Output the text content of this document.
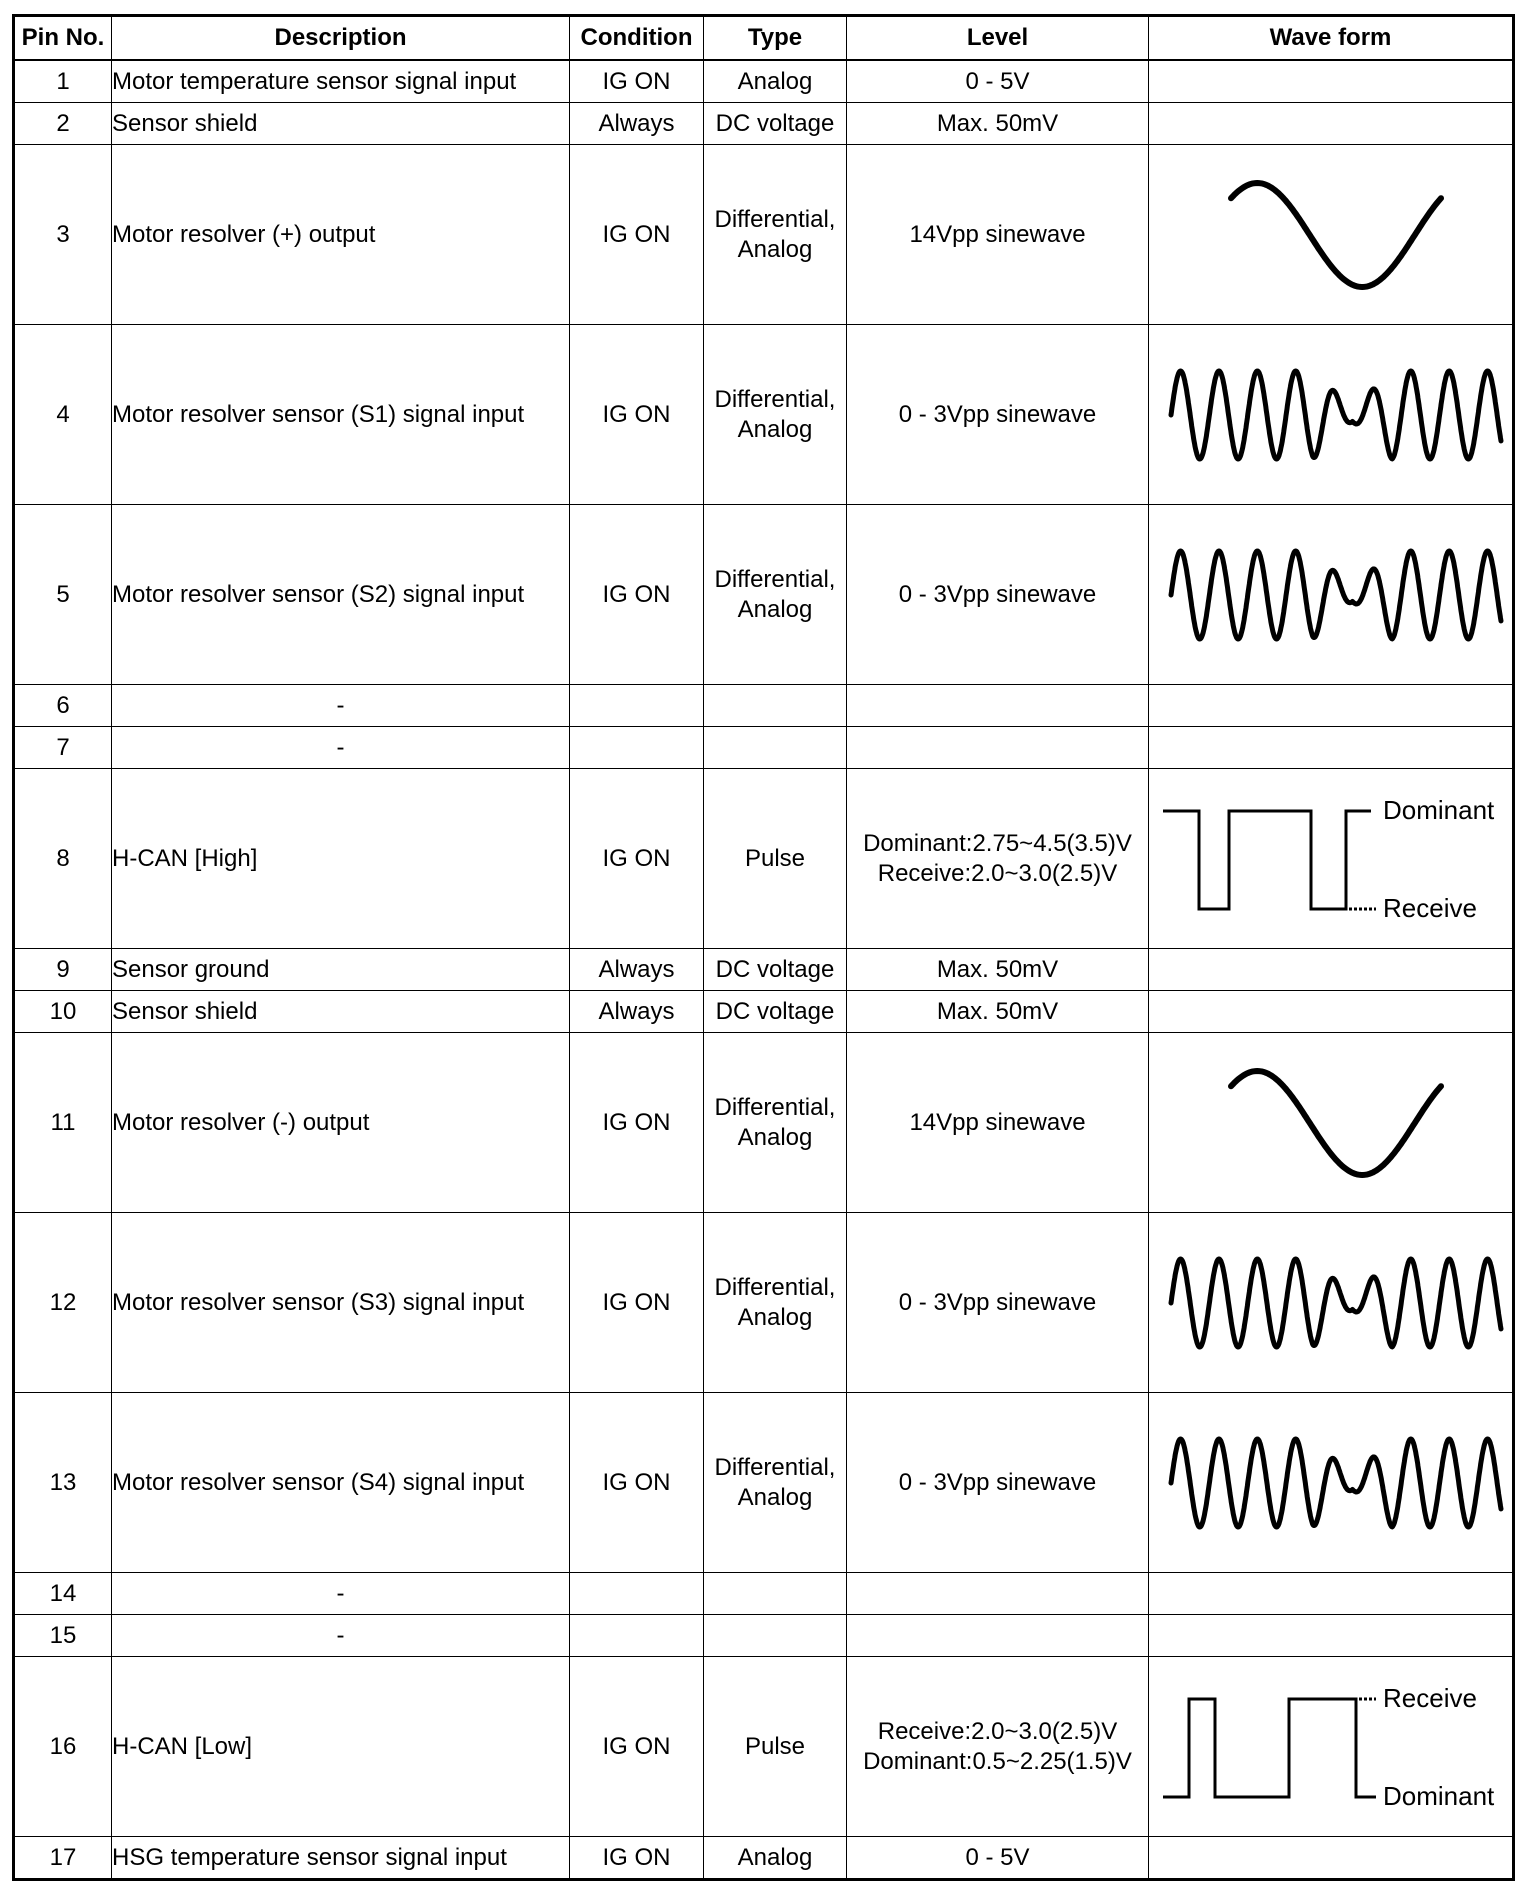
Pin No.	Description	Condition	Type	Level	Wave form
1	Motor temperature sensor signal input	IG ON	Analog	0 - 5V	

2	Sensor shield	Always	DC voltage	Max. 50mV	

3	Motor resolver (+) output	IG ON	Differential,
Analog	14Vpp sinewave

4	Motor resolver sensor (S1) signal input	IG ON	Differential,
Analog	0 - 3Vpp sinewave

5	Motor resolver sensor (S2) signal input	IG ON	Differential,
Analog	0 - 3Vpp sinewave

6	-				
7	-				
8	H-CAN [High]	IG ON	Pulse	Dominant:2.75~4.5(3.5)V
Receive:2.0~3.0(2.5)V	Dominant
Receive

9	Sensor ground	Always	DC voltage	Max. 50mV	

10	Sensor shield	Always	DC voltage	Max. 50mV	

11	Motor resolver (-) output	IG ON	Differential,
Analog	14Vpp sinewave

12	Motor resolver sensor (S3) signal input	IG ON	Differential,
Analog	0 - 3Vpp sinewave

13	Motor resolver sensor (S4) signal input	IG ON	Differential,
Analog	0 - 3Vpp sinewave

14	-				
15	-				
16	H-CAN [Low]	IG ON	Pulse	Receive:2.0~3.0(2.5)V
Dominant:0.5~2.25(1.5)V	Receive
Dominant

17	HSG temperature sensor signal input	IG ON	Analog	0 - 5V	
